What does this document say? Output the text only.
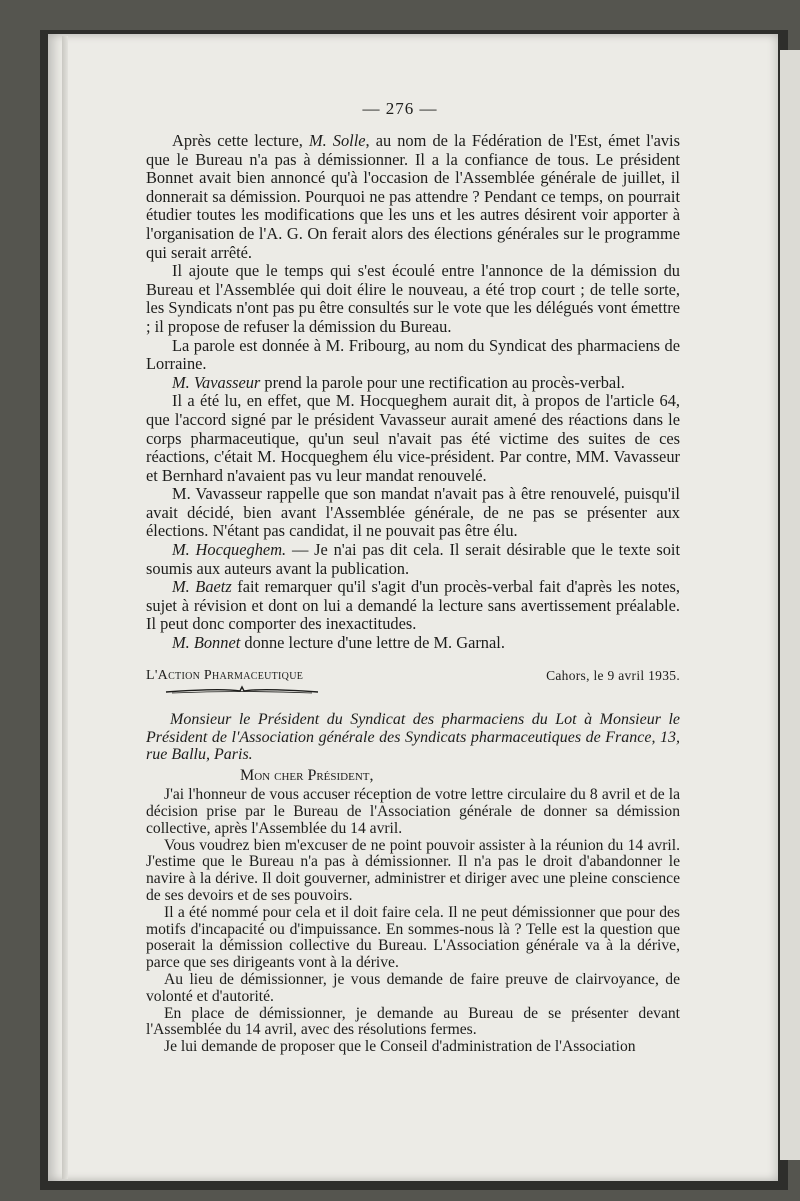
— 276 —

Après cette lecture, M. Solle, au nom de la Fédération de l'Est, émet l'avis que le Bureau n'a pas à démissionner. Il a la confiance de tous. Le président Bonnet avait bien annoncé qu'à l'occasion de l'Assemblée générale de juillet, il donnerait sa démission. Pourquoi ne pas attendre ? Pendant ce temps, on pourrait étudier toutes les modifications que les uns et les autres désirent voir apporter à l'organisation de l'A. G. On ferait alors des élections générales sur le programme qui serait arrêté.

Il ajoute que le temps qui s'est écoulé entre l'annonce de la démission du Bureau et l'Assemblée qui doit élire le nouveau, a été trop court ; de telle sorte, les Syndicats n'ont pas pu être consultés sur le vote que les délégués vont émettre ; il propose de refuser la démission du Bureau.

La parole est donnée à M. Fribourg, au nom du Syndicat des pharmaciens de Lorraine.

M. Vavasseur prend la parole pour une rectification au procès-verbal.

Il a été lu, en effet, que M. Hocqueghem aurait dit, à propos de l'article 64, que l'accord signé par le président Vavasseur aurait amené des réactions dans le corps pharmaceutique, qu'un seul n'avait pas été victime des suites de ces réactions, c'était M. Hocqueghem élu vice-président. Par contre, MM. Vavasseur et Bernhard n'avaient pas vu leur mandat renouvelé.

M. Vavasseur rappelle que son mandat n'avait pas à être renouvelé, puisqu'il avait décidé, bien avant l'Assemblée générale, de ne pas se présenter aux élections. N'étant pas candidat, il ne pouvait pas être élu.

M. Hocqueghem. — Je n'ai pas dit cela. Il serait désirable que le texte soit soumis aux auteurs avant la publication.

M. Baetz fait remarquer qu'il s'agit d'un procès-verbal fait d'après les notes, sujet à révision et dont on lui a demandé la lecture sans avertissement préalable. Il peut donc comporter des inexactitudes.

M. Bonnet donne lecture d'une lettre de M. Garnal.

L'Action Pharmaceutique	Cahors, le 9 avril 1935.

Monsieur le Président du Syndicat des pharmaciens du Lot à Monsieur le Président de l'Association générale des Syndicats pharmaceutiques de France, 13, rue Ballu, Paris.

Mon cher Président,

J'ai l'honneur de vous accuser réception de votre lettre circulaire du 8 avril et de la décision prise par le Bureau de l'Association générale de donner sa démission collective, après l'Assemblée du 14 avril.

Vous voudrez bien m'excuser de ne point pouvoir assister à la réunion du 14 avril. J'estime que le Bureau n'a pas à démissionner. Il n'a pas le droit d'abandonner le navire à la dérive. Il doit gouverner, administrer et diriger avec une pleine conscience de ses devoirs et de ses pouvoirs.

Il a été nommé pour cela et il doit faire cela. Il ne peut démissionner que pour des motifs d'incapacité ou d'impuissance. En sommes-nous là ? Telle est la question que poserait la démission collective du Bureau. L'Association générale va à la dérive, parce que ses dirigeants vont à la dérive.

Au lieu de démissionner, je vous demande de faire preuve de clairvoyance, de volonté et d'autorité.

En place de démissionner, je demande au Bureau de se présenter devant l'Assemblée du 14 avril, avec des résolutions fermes.

Je lui demande de proposer que le Conseil d'administration de l'Association
